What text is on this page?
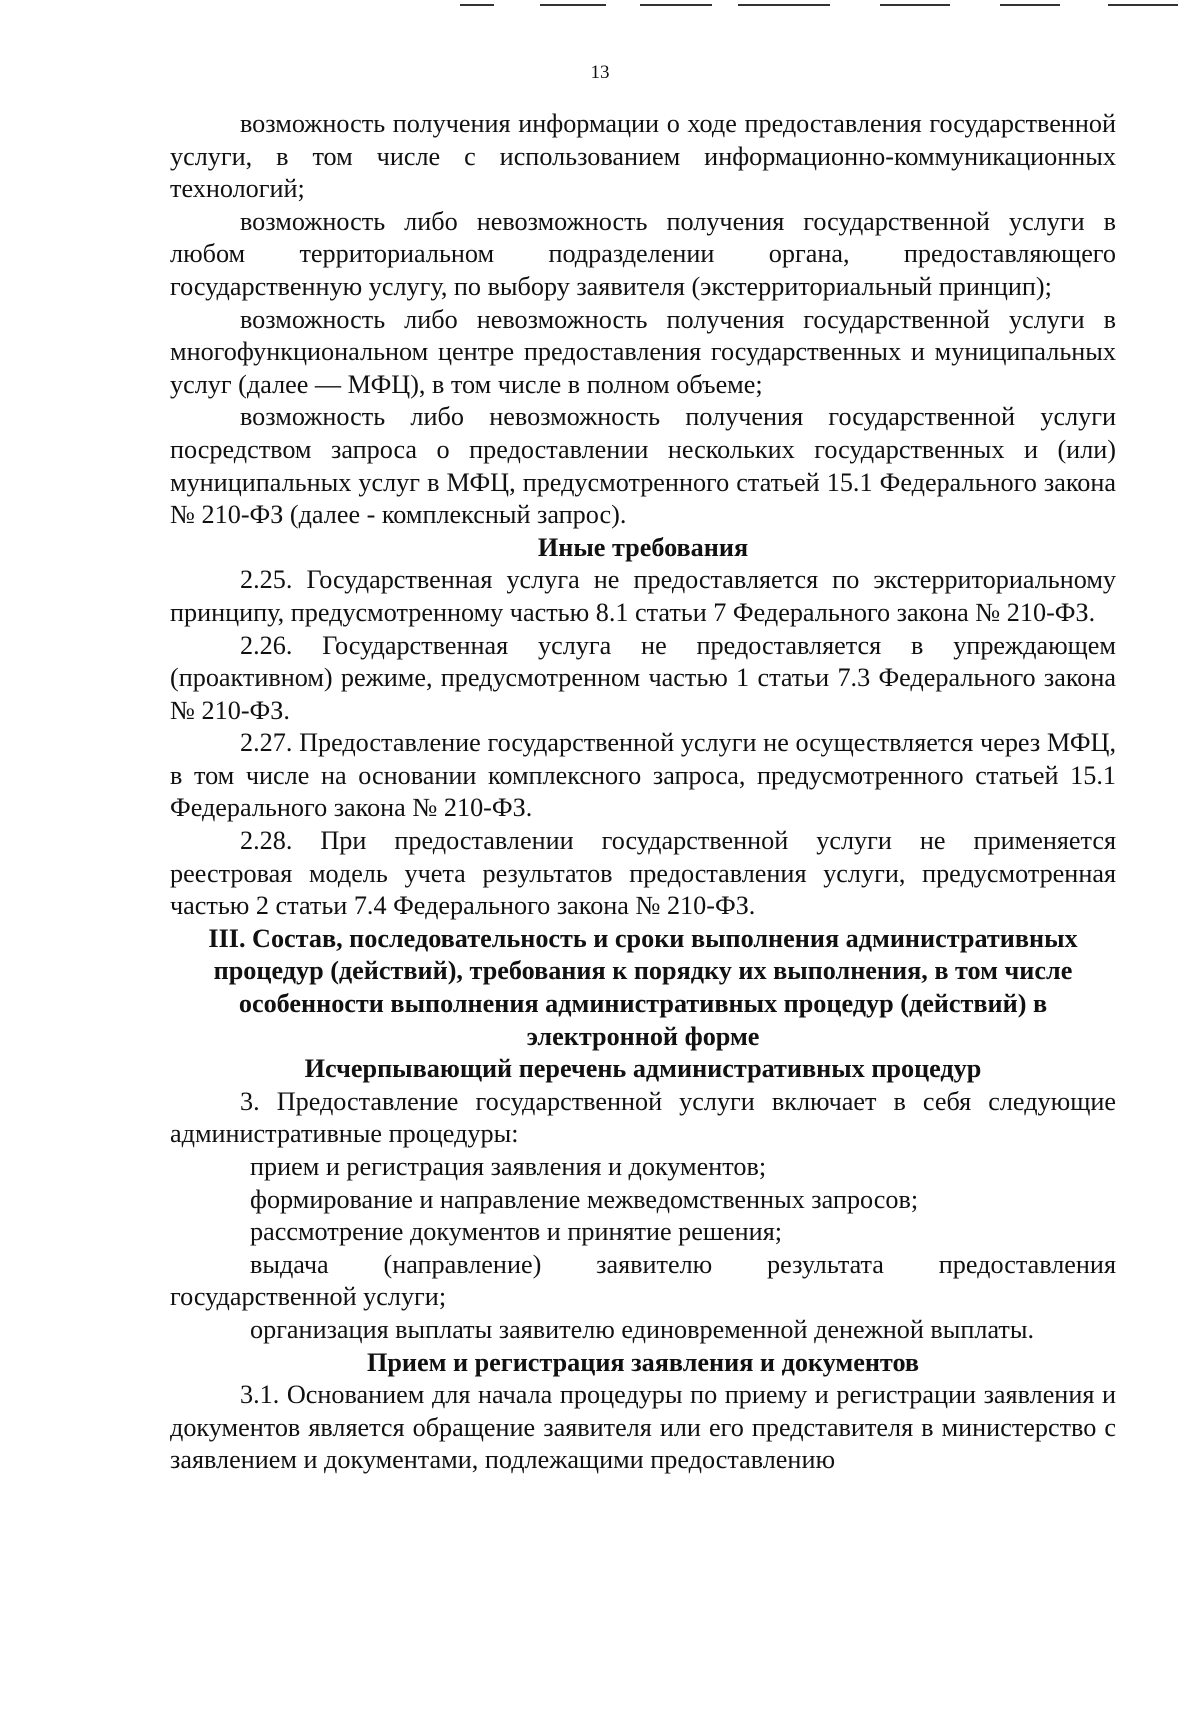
13

возможность получения информации о ходе предоставления государственной услуги, в том числе с использованием информационно-коммуникационных технологий;

возможность либо невозможность получения государственной услуги в любом территориальном подразделении органа, предоставляющего государственную услугу, по выбору заявителя (экстерриториальный принцип);

возможность либо невозможность получения государственной услуги в многофункциональном центре предоставления государственных и муниципальных услуг (далее — МФЦ), в том числе в полном объеме;

возможность либо невозможность получения государственной услуги посредством запроса о предоставлении нескольких государственных и (или) муниципальных услуг в МФЦ, предусмотренного статьей 15.1 Федерального закона № 210-ФЗ (далее - комплексный запрос).

Иные требования

2.25. Государственная услуга не предоставляется по экстерриториальному принципу, предусмотренному частью 8.1 статьи 7 Федерального закона № 210-ФЗ.

2.26. Государственная услуга не предоставляется в упреждающем (проактивном) режиме, предусмотренном частью 1 статьи 7.3 Федерального закона № 210-ФЗ.

2.27. Предоставление государственной услуги не осуществляется через МФЦ, в том числе на основании комплексного запроса, предусмотренного статьей 15.1 Федерального закона № 210-ФЗ.

2.28. При предоставлении государственной услуги не применяется реестровая модель учета результатов предоставления услуги, предусмотренная частью 2 статьи 7.4 Федерального закона № 210-ФЗ.

III. Состав, последовательность и сроки выполнения административных процедур (действий), требования к порядку их выполнения, в том числе особенности выполнения административных процедур (действий) в электронной форме

Исчерпывающий перечень административных процедур

3. Предоставление государственной услуги включает в себя следующие административные процедуры:

прием и регистрация заявления и документов;

формирование и направление межведомственных запросов;

рассмотрение документов и принятие решения;

выдача (направление) заявителю результата предоставления государственной услуги;

организация выплаты заявителю единовременной денежной выплаты.

Прием и регистрация заявления и документов

3.1. Основанием для начала процедуры по приему и регистрации заявления и документов является обращение заявителя или его представителя в министерство с заявлением и документами, подлежащими предоставлению
